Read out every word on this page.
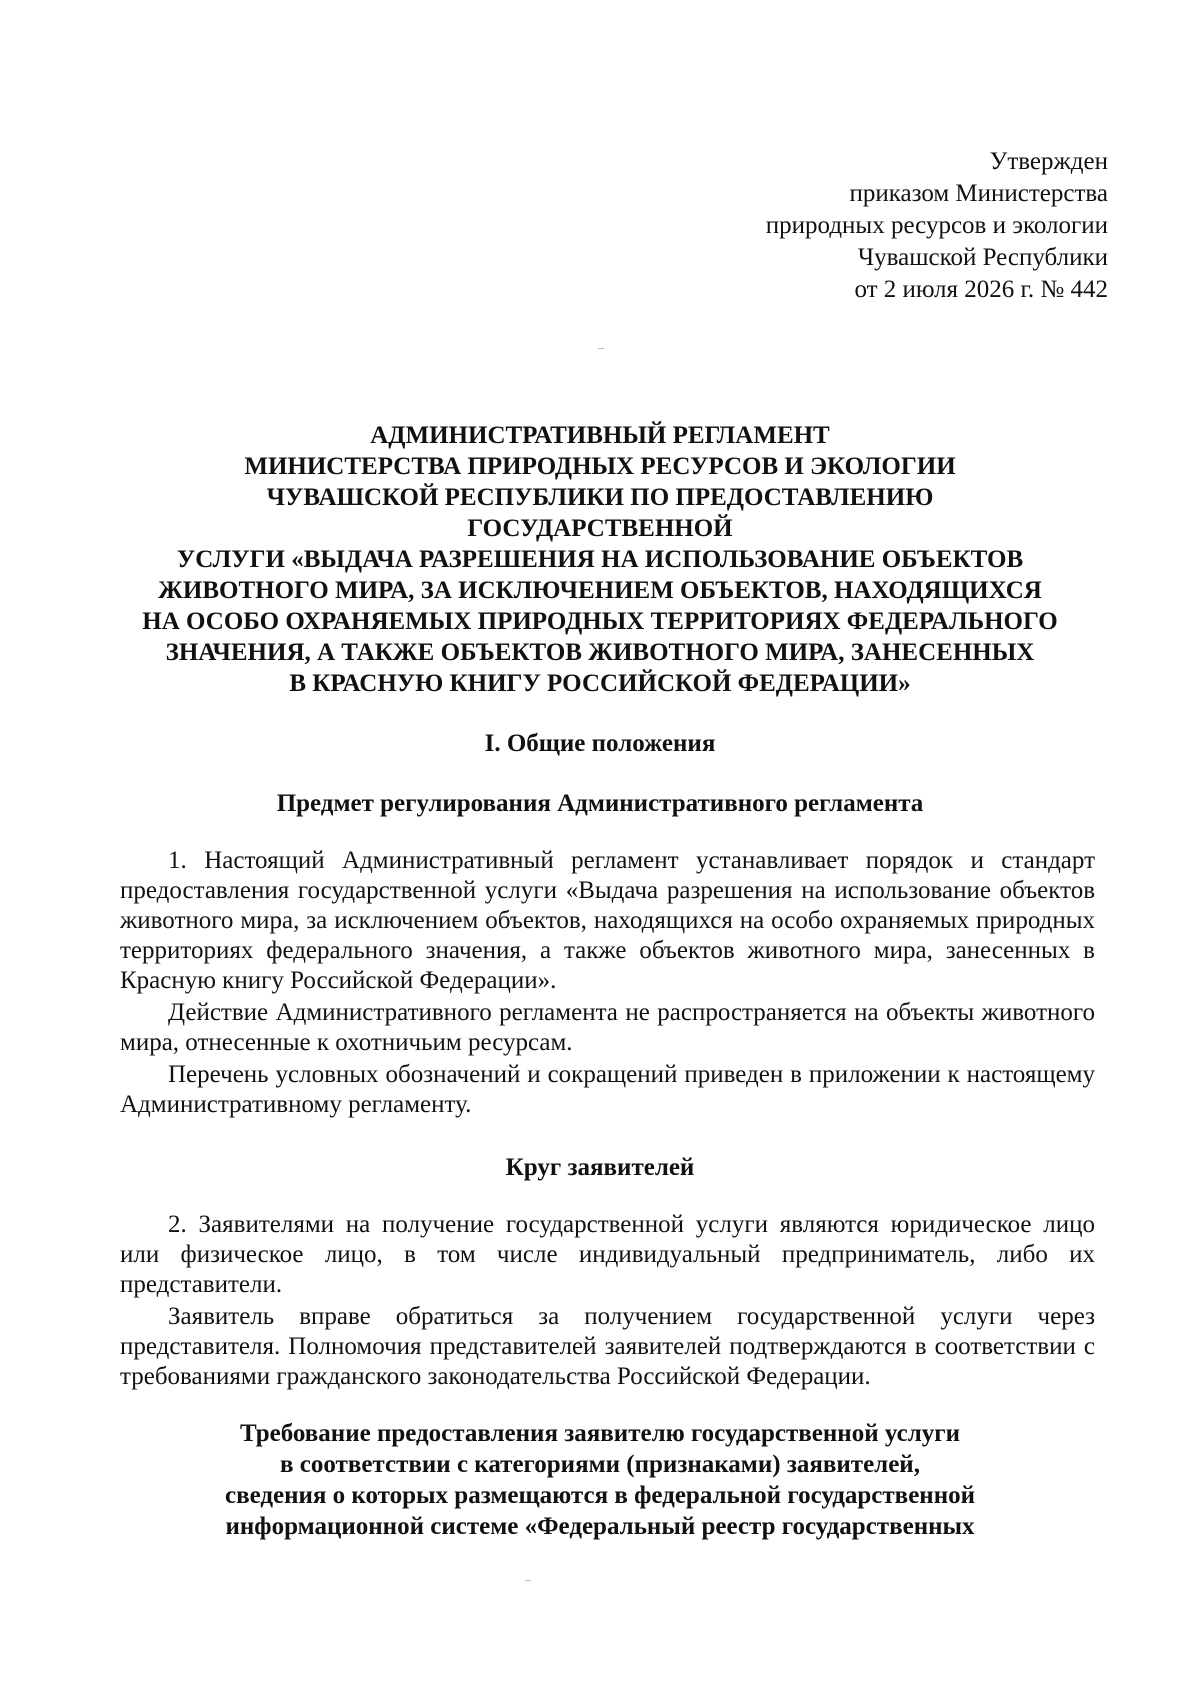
Утвержден
приказом Министерства
природных ресурсов и экологии
Чувашской Республики
от 2 июля 2026 г. № 442
АДМИНИСТРАТИВНЫЙ РЕГЛАМЕНТ
МИНИСТЕРСТВА ПРИРОДНЫХ РЕСУРСОВ И ЭКОЛОГИИ
ЧУВАШСКОЙ РЕСПУБЛИКИ ПО ПРЕДОСТАВЛЕНИЮ
ГОСУДАРСТВЕННОЙ
УСЛУГИ «ВЫДАЧА РАЗРЕШЕНИЯ НА ИСПОЛЬЗОВАНИЕ ОБЪЕКТОВ
ЖИВОТНОГО МИРА, ЗА ИСКЛЮЧЕНИЕМ ОБЪЕКТОВ, НАХОДЯЩИХСЯ
НА ОСОБО ОХРАНЯЕМЫХ ПРИРОДНЫХ ТЕРРИТОРИЯХ ФЕДЕРАЛЬНОГО
ЗНАЧЕНИЯ, А ТАКЖЕ ОБЪЕКТОВ ЖИВОТНОГО МИРА, ЗАНЕСЕННЫХ
В КРАСНУЮ КНИГУ РОССИЙСКОЙ ФЕДЕРАЦИИ»
I. Общие положения
Предмет регулирования Административного регламента

1. Настоящий Административный регламент устанавливает порядок и стандарт предоставления государственной услуги «Выдача разрешения на использование объектов животного мира, за исключением объектов, находящихся на особо охраняемых природных территориях федерального значения, а также объектов животного мира, занесенных в Красную книгу Российской Федерации».

Действие Административного регламента не распространяется на объекты животного мира, отнесенные к охотничьим ресурсам.

Перечень условных обозначений и сокращений приведен в приложении к настоящему Административному регламенту.

Круг заявителей

2. Заявителями на получение государственной услуги являются юридическое лицо или физическое лицо, в том числе индивидуальный предприниматель, либо их представители.

Заявитель вправе обратиться за получением государственной услуги через представителя. Полномочия представителей заявителей подтверждаются в соответствии с требованиями гражданского законодательства Российской Федерации.

Требование предоставления заявителю государственной услуги
в соответствии с категориями (признаками) заявителей,
сведения о которых размещаются в федеральной государственной
информационной системе «Федеральный реестр государственных
